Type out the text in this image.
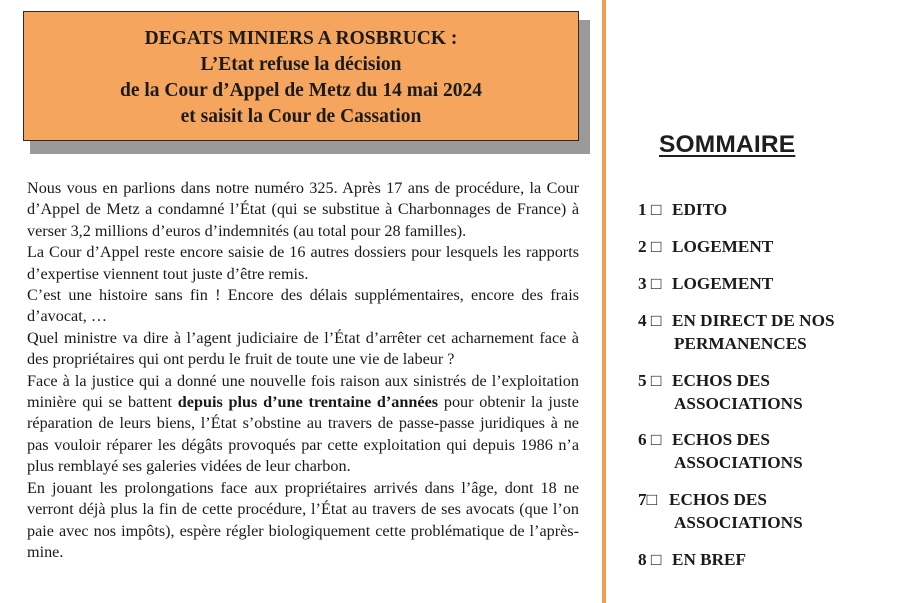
DEGATS MINIERS A ROSBRUCK :
L’Etat refuse la décision
de la Cour d’Appel de Metz du 14 mai 2024
et saisit la Cour de Cassation

Nous vous en parlions dans notre numéro 325. Après 17 ans de procédure, la Cour d’Appel de Metz a condamné l’État (qui se substitue à Charbonnages de France) à verser 3,2 millions d’euros d’indemnités (au total pour 28 familles).

La Cour d’Appel reste encore saisie de 16 autres dossiers pour lesquels les rapports d’expertise viennent tout juste d’être remis.

C’est une histoire sans fin ! Encore des délais supplémentaires, encore des frais d’avocat, …

Quel ministre va dire à l’agent judiciaire de l’État d’arrêter cet acharnement face à des propriétaires qui ont perdu le fruit de toute une vie de labeur ?

Face à la justice qui a donné une nouvelle fois raison aux sinistrés de l’exploitation minière qui se battent depuis plus d’une trentaine d’années pour obtenir la juste réparation de leurs biens, l’État s’obstine au travers de passe-passe juridiques à ne pas vouloir réparer les dégâts provoqués par cette exploitation qui depuis 1986 n’a plus remblayé ses galeries vidées de leur charbon.

En jouant les prolongations face aux propriétaires arrivés dans l’âge, dont 18 ne verront déjà plus la fin de cette procédure, l’État au travers de ses avocats (que l’on paie avec nos impôts), espère régler biologiquement cette problématique de l’après-mine.

SOMMAIRE
1 □ EDITO
2 □ LOGEMENT
3 □ LOGEMENT
4 □ EN DIRECT DE NOS
PERMANENCES
5 □ ECHOS DES
ASSOCIATIONS
6 □ ECHOS DES
ASSOCIATIONS
7□ ECHOS DES
ASSOCIATIONS
8 □ EN BREF
